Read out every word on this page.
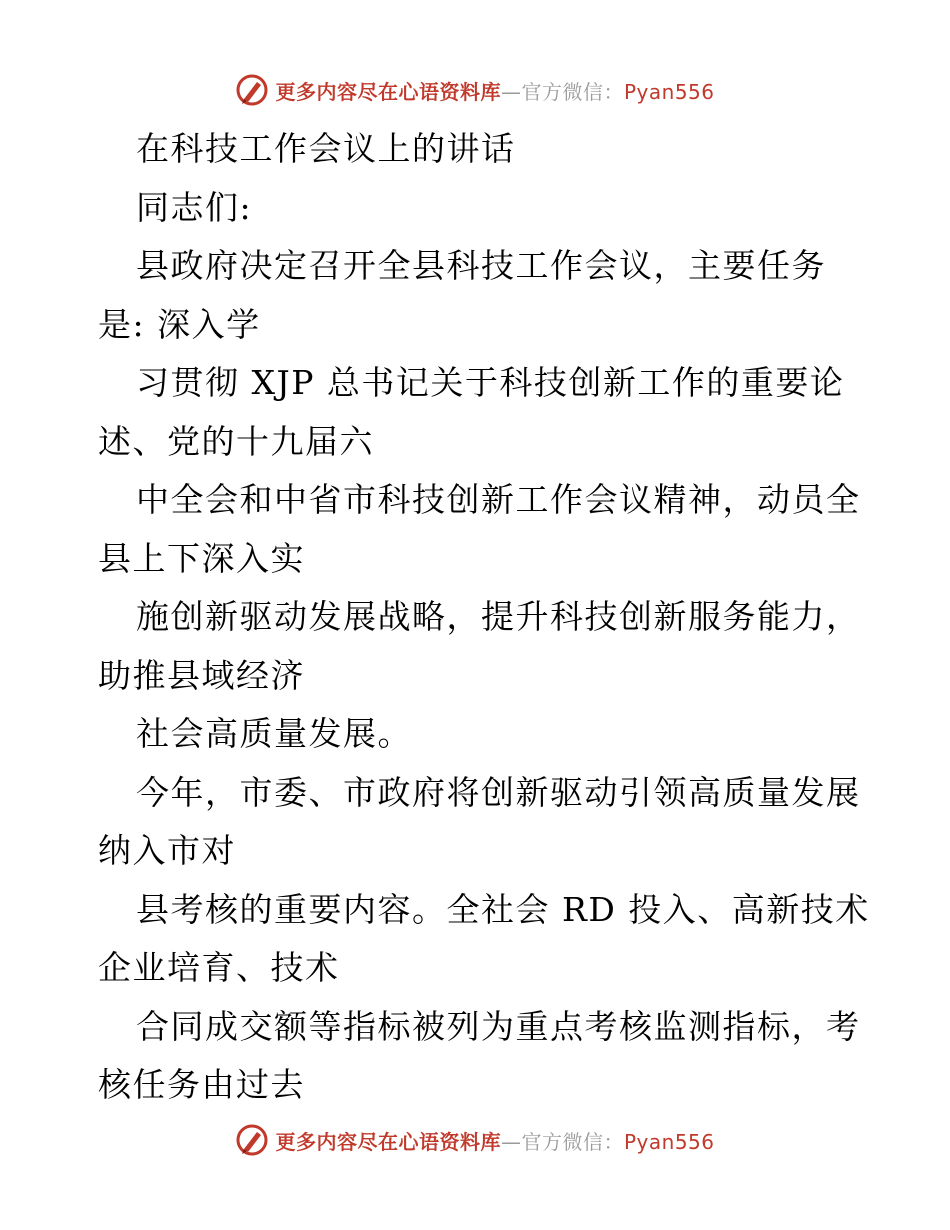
更多内容尽在心语资料库—官方微信：Pyan556
在科技工作会议上的讲话
同志们:
县政府决定召开全县科技工作会议，主要任务
是: 深入学
习贯彻 XJP 总书记关于科技创新工作的重要论
述、党的十九届六
中全会和中省市科技创新工作会议精神，动员全
县上下深入实
施创新驱动发展战略，提升科技创新服务能力，
助推县域经济
社会高质量发展。
今年，市委、市政府将创新驱动引领高质量发展
纳入市对
县考核的重要内容。全社会 RD 投入、高新技术
企业培育、技术
合同成交额等指标被列为重点考核监测指标，考
核任务由过去
更多内容尽在心语资料库—官方微信：Pyan556
